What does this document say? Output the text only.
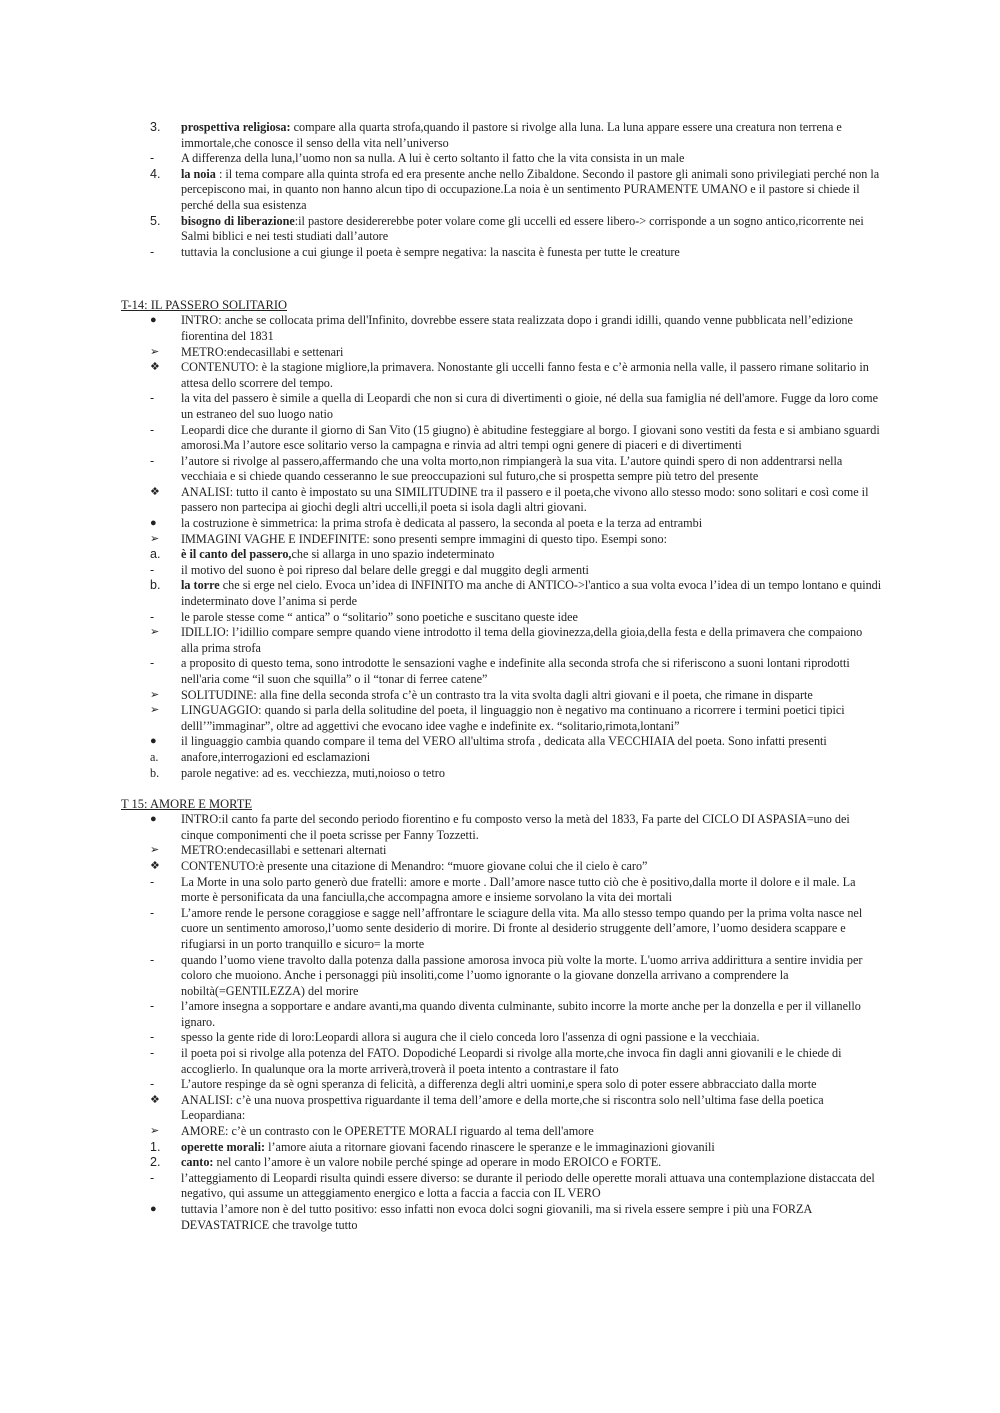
3.	prospettiva religiosa: compare alla quarta strofa,quando il pastore si rivolge alla luna. La luna appare essere una creatura non terrena e immortale,che conosce il senso della vita nell’universo
-	A differenza della luna,l’uomo non sa nulla. A lui è certo soltanto il fatto che la vita consista in un male
4.	la noia : il tema compare alla quinta strofa ed era presente anche nello Zibaldone. Secondo il pastore gli animali sono privilegiati perché non la percepiscono mai, in quanto non hanno alcun tipo di occupazione.La noia è un sentimento PURAMENTE UMANO e il pastore si chiede il perché della sua esistenza
5.	bisogno di liberazione:il pastore desidererebbe poter volare come gli uccelli ed essere libero-> corrisponde a un sogno antico,ricorrente nei Salmi biblici e nei testi studiati dall’autore
-	tuttavia la conclusione a cui giunge il poeta è sempre negativa: la nascita è funesta per tutte le creature
T-14: IL PASSERO SOLITARIO
●	INTRO: anche se collocata prima dell'Infinito, dovrebbe essere stata realizzata dopo i grandi idilli, quando venne pubblicata nell’edizione fiorentina del 1831
➢	METRO:endecasillabi e settenari
❖	CONTENUTO: è la stagione migliore,la primavera. Nonostante gli uccelli fanno festa e c’è armonia nella valle, il passero rimane solitario in attesa dello scorrere del tempo.
-	la vita del passero è simile a quella di Leopardi che non si cura di divertimenti o gioie, né della sua famiglia né dell'amore. Fugge da loro come un estraneo del suo luogo natio
-	Leopardi dice che durante il giorno di San Vito (15 giugno) è abitudine festeggiare al borgo. I giovani sono vestiti da festa e si ambiano sguardi amorosi.Ma l’autore esce solitario verso la campagna e rinvia ad altri tempi ogni genere di piaceri e di divertimenti
-	l’autore si rivolge al passero,affermando che una volta morto,non rimpiangerà la sua vita. L’autore quindi spero di non addentrarsi nella vecchiaia e si chiede quando cesseranno le sue preoccupazioni sul futuro,che si prospetta sempre più tetro del presente
❖	ANALISI: tutto il canto è impostato su una SIMILITUDINE tra il passero e il poeta,che vivono allo stesso modo: sono solitari e così come il passero non partecipa ai giochi degli altri uccelli,il poeta si isola dagli altri giovani.
●	la costruzione è simmetrica: la prima strofa è dedicata al passero, la seconda al poeta e la terza ad entrambi
➢	IMMAGINI VAGHE E INDEFINITE: sono presenti sempre immagini di questo tipo. Esempi sono:
a.	è il canto del passero,che si allarga in uno spazio indeterminato
-	il motivo del suono è poi ripreso dal belare delle greggi e dal muggito degli armenti
b.	la torre che si erge nel cielo. Evoca un’idea di INFINITO ma anche di ANTICO->l'antico a sua volta evoca l’idea di un tempo lontano e quindi indeterminato dove l’anima si perde
-	le parole stesse come “ antica” o “solitario” sono poetiche e suscitano queste idee
➢	IDILLIO: l’idillio compare sempre quando viene introdotto il tema della giovinezza,della gioia,della festa e della primavera che compaiono alla prima strofa
-	a proposito di questo tema, sono introdotte le sensazioni vaghe e indefinite alla seconda strofa che si riferiscono a suoni lontani riprodotti nell'aria come “il suon che squilla” o il “tonar di ferree catene”
➢	SOLITUDINE: alla fine della seconda strofa c’è un contrasto tra la vita svolta dagli altri giovani e il poeta, che rimane in disparte
➢	LINGUAGGIO: quando si parla della solitudine del poeta, il linguaggio non è negativo ma continuano a ricorrere i termini poetici tipici delll’”immaginar”, oltre ad aggettivi che evocano idee vaghe e indefinite ex. “solitario,rimota,lontani”
●	il linguaggio cambia quando compare il tema del VERO all'ultima strofa , dedicata alla VECCHIAIA del poeta. Sono infatti presenti
a.	anafore,interrogazioni ed esclamazioni
b.	parole negative: ad es. vecchiezza, muti,noioso o tetro
T 15: AMORE E MORTE
●	INTRO:il canto fa parte del secondo periodo fiorentino e fu composto verso la metà del 1833, Fa parte del CICLO DI ASPASIA=uno dei cinque componimenti che il poeta scrisse per Fanny Tozzetti.
➢	METRO:endecasillabi e settenari alternati
❖	CONTENUTO:è presente una citazione di Menandro: “muore giovane colui che il cielo è caro”
-	La Morte in una solo parto generò due fratelli: amore e morte . Dall’amore nasce tutto ciò che è positivo,dalla morte il dolore e il male. La morte è personificata da una fanciulla,che accompagna amore e insieme sorvolano la vita dei mortali
-	L’amore rende le persone coraggiose e sagge nell’affrontare le sciagure della vita. Ma allo stesso tempo quando per la prima volta nasce nel cuore un sentimento amoroso,l’uomo sente desiderio di morire. Di fronte al desiderio struggente dell’amore, l’uomo desidera scappare e rifugiarsi in un porto tranquillo e sicuro= la morte
-	quando l’uomo viene travolto dalla potenza dalla passione amorosa invoca più volte la morte. L'uomo arriva addirittura a sentire invidia per coloro che muoiono. Anche i personaggi più insoliti,come l’uomo ignorante o la giovane donzella arrivano a comprendere la nobiltà(=GENTILEZZA) del morire
-	l’amore insegna a sopportare e andare avanti,ma quando diventa culminante, subito incorre la morte anche per la donzella e per il villanello ignaro.
-	spesso la gente ride di loro:Leopardi allora si augura che il cielo conceda loro l'assenza di ogni passione e la vecchiaia.
-	il poeta poi si rivolge alla potenza del FATO. Dopodiché Leopardi si rivolge alla morte,che invoca fin dagli anni giovanili e le chiede di accoglierlo. In qualunque ora la morte arriverà,troverà il poeta intento a contrastare il fato
-	L’autore respinge da sè ogni speranza di felicità, a differenza degli altri uomini,e spera solo di poter essere abbracciato dalla morte
❖	ANALISI: c’è una nuova prospettiva riguardante il tema dell’amore e della morte,che si riscontra solo nell’ultima fase della poetica Leopardiana:
➢	AMORE: c’è un contrasto con le OPERETTE MORALI riguardo al tema dell'amore
1.	operette morali: l’amore aiuta a ritornare giovani facendo rinascere le speranze e le immaginazioni giovanili
2.	canto: nel canto l’amore è un valore nobile perché spinge ad operare in modo EROICO e FORTE.
-	l’atteggiamento di Leopardi risulta quindi essere diverso: se durante il periodo delle operette morali attuava una contemplazione distaccata del negativo, qui assume un atteggiamento energico e lotta a faccia a faccia con IL VERO
●	tuttavia l’amore non è del tutto positivo: esso infatti non evoca dolci sogni giovanili, ma si rivela essere sempre i più una FORZA DEVASTATRICE che travolge tutto
